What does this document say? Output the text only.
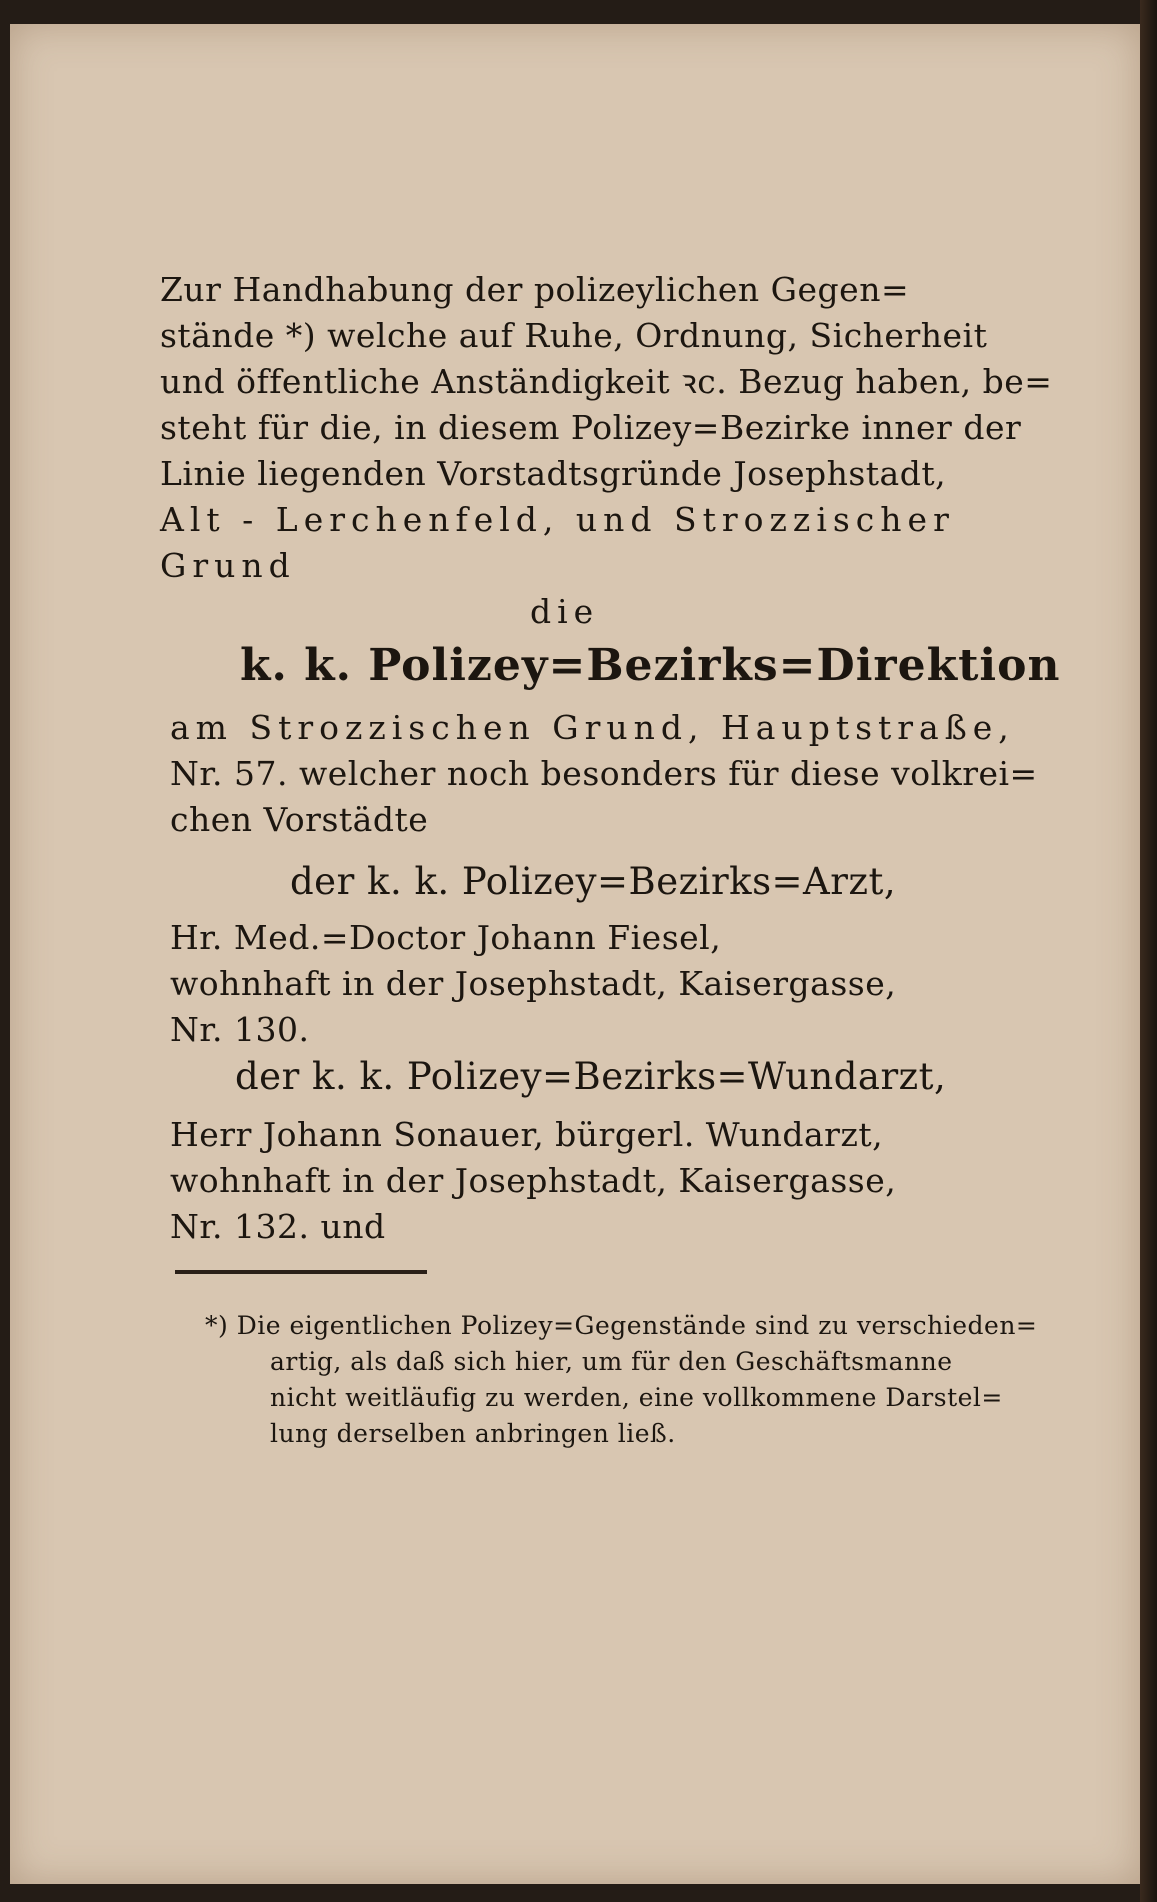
Zur Handhabung der polizeylichen Gegen=
stände *) welche auf Ruhe, Ordnung, Sicherheit
und öffentliche Anständigkeit ꝛc. Bezug haben, be=
steht für die, in diesem Polizey=Bezirke inner der
Linie liegenden Vorstadtsgründe Josephstadt,
Alt - Lerchenfeld, und Strozzischer
Grund
die
k. k. Polizey=Bezirks=Direktion
am Strozzischen Grund, Hauptstraße,
Nr. 57. welcher noch besonders für diese volkrei=
chen Vorstädte
der k. k. Polizey=Bezirks=Arzt,
Hr. Med.=Doctor Johann Fiesel,
wohnhaft in der Josephstadt, Kaisergasse,
Nr. 130.
der k. k. Polizey=Bezirks=Wundarzt,
Herr Johann Sonauer, bürgerl. Wundarzt,
wohnhaft in der Josephstadt, Kaisergasse,
Nr. 132. und
*) Die eigentlichen Polizey=Gegenstände sind zu verschieden=
artig, als daß sich hier, um für den Geschäftsmanne
nicht weitläufig zu werden, eine vollkommene Darstel=
lung derselben anbringen ließ.
